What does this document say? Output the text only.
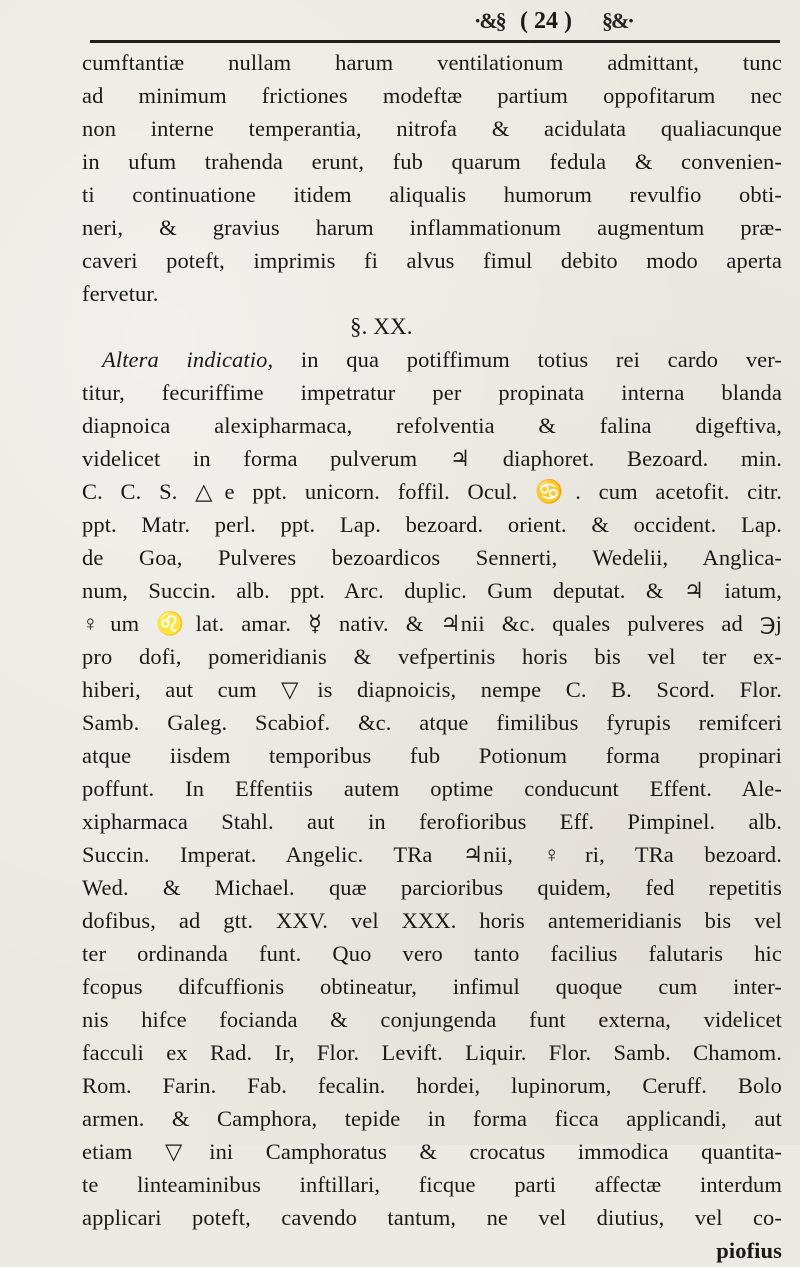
·&§ ( 24 ) §&·
cumftantiæ nullam harum ventilationum admittant, tunc
ad minimum frictiones modeftæ partium oppofitarum nec
non interne temperantia, nitrofa & acidulata qualiacunque
in ufum trahenda erunt, fub quarum fedula & convenien-
ti continuatione itidem aliqualis humorum revulfio obti-
neri, & gravius harum inflammationum augmentum præ-
caveri poteft, imprimis fi alvus fimul debito modo aperta
fervetur.
§. XX.
Altera indicatio, in qua potiffimum totius rei cardo ver-
titur, fecuriffime impetratur per propinata interna blanda
diapnoica alexipharmaca, refolventia & falina digeftiva,
videlicet in forma pulverum ♃ diaphoret. Bezoard. min.
C. C. S. △e ppt. unicorn. foffil. Ocul. ♋. cum acetofit. citr.
ppt. Matr. perl. ppt. Lap. bezoard. orient. & occident. Lap.
de Goa, Pulveres bezoardicos Sennerti, Wedelii, Anglica-
num, Succin. alb. ppt. Arc. duplic. Gum deputat. & ♃ iatum,
♀um ♌lat. amar. ☿ nativ. & ♃nii &c. quales pulveres ad ℈j
pro dofi, pomeridianis & vefpertinis horis bis vel ter ex-
hiberi, aut cum ▽is diapnoicis, nempe C. B. Scord. Flor.
Samb. Galeg. Scabiof. &c. atque fimilibus fyrupis remifceri
atque iisdem temporibus fub Potionum forma propinari
poffunt. In Effentiis autem optime conducunt Effent. Ale-
xipharmaca Stahl. aut in ferofioribus Eff. Pimpinel. alb.
Succin. Imperat. Angelic. TRa ♃nii, ♀ri, TRa bezoard.
Wed. & Michael. quæ parcioribus quidem, fed repetitis
dofibus, ad gtt. XXV. vel XXX. horis antemeridianis bis vel
ter ordinanda funt. Quo vero tanto facilius falutaris hic
fcopus difcuffionis obtineatur, infimul quoque cum inter-
nis hifce focianda & conjungenda funt externa, videlicet
facculi ex Rad. Ir, Flor. Levift. Liquir. Flor. Samb. Chamom.
Rom. Farin. Fab. fecalin. hordei, lupinorum, Ceruff. Bolo
armen. & Camphora, tepide in forma ficca applicandi, aut
etiam ▽ini Camphoratus & crocatus immodica quantita-
te linteaminibus inftillari, ficque parti affectæ interdum
applicari poteft, cavendo tantum, ne vel diutius, vel co-
piofius
